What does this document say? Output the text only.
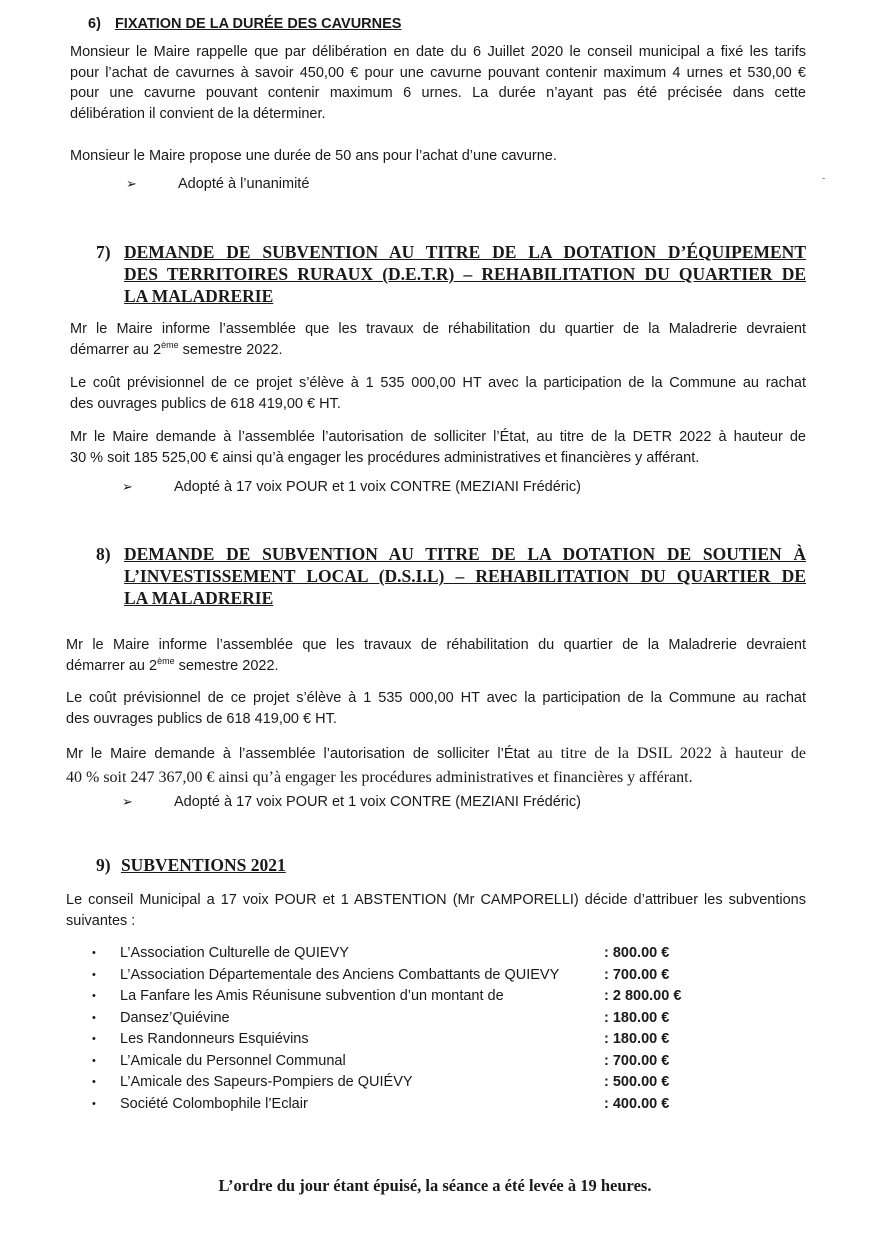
6) FIXATION DE LA DURÉE DES CAVURNES
Monsieur le Maire rappelle que par délibération en date du 6 Juillet 2020 le conseil municipal a fixé les tarifs
pour l’achat de cavurnes à savoir 450,00 € pour une cavurne pouvant contenir maximum 4 urnes et 530,00 €
pour une cavurne pouvant contenir maximum 6 urnes. La durée n’ayant pas été précisée dans cette
délibération il convient de la déterminer.
Monsieur le Maire propose une durée de 50 ans pour l’achat d’une cavurne.
➢	Adopté à l’unanimité
7) DEMANDE DE SUBVENTION AU TITRE DE LA DOTATION D’ÉQUIPEMENT
DES TERRITOIRES RURAUX (D.E.T.R) – REHABILITATION DU QUARTIER DE
LA MALADRERIE
Mr le Maire informe l’assemblée que les travaux de réhabilitation du quartier de la Maladrerie devraient
démarrer au 2ème semestre 2022.
Le coût prévisionnel de ce projet s’élève à 1 535 000,00 HT avec la participation de la Commune au rachat
des ouvrages publics de 618 419,00 € HT.
Mr le Maire demande à l’assemblée l’autorisation de solliciter l’État, au titre de la DETR 2022 à hauteur de
30 % soit 185 525,00 € ainsi qu’à engager les procédures administratives et financières y afférant.
➢	Adopté à 17 voix POUR et 1 voix CONTRE (MEZIANI Frédéric)
8) DEMANDE DE SUBVENTION AU TITRE DE LA DOTATION DE SOUTIEN À
L’INVESTISSEMENT LOCAL (D.S.I.L) – REHABILITATION DU QUARTIER DE
LA MALADRERIE
Mr le Maire informe l’assemblée que les travaux de réhabilitation du quartier de la Maladrerie devraient
démarrer au 2ème semestre 2022.
Le coût prévisionnel de ce projet s’élève à 1 535 000,00 HT avec la participation de la Commune au rachat
des ouvrages publics de 618 419,00 € HT.
Mr le Maire demande à l’assemblée l’autorisation de solliciter l’État au titre de la DSIL 2022 à hauteur de
40 % soit 247 367,00 € ainsi qu’à engager les procédures administratives et financières y afférant.
➢	Adopté à 17 voix POUR et 1 voix CONTRE (MEZIANI Frédéric)
9) SUBVENTIONS 2021
Le conseil Municipal a 17 voix POUR et 1 ABSTENTION (Mr CAMPORELLI) décide d’attribuer les subventions
suivantes :
• L’Association Culturelle de QUIEVY	: 800.00 €
• L’Association Départementale des Anciens Combattants de QUIEVY	: 700.00 €
• La Fanfare les Amis Réunisune subvention d’un montant de	: 2 800.00 €
• Dansez’Quiévine	: 180.00 €
• Les Randonneurs Esquiévins	: 180.00 €
• L’Amicale du Personnel Communal	: 700.00 €
• L’Amicale des Sapeurs-Pompiers de QUIÉVY	: 500.00 €
• Société Colombophile l’Eclair	: 400.00 €
L’ordre du jour étant épuisé, la séance a été levée à 19 heures.
